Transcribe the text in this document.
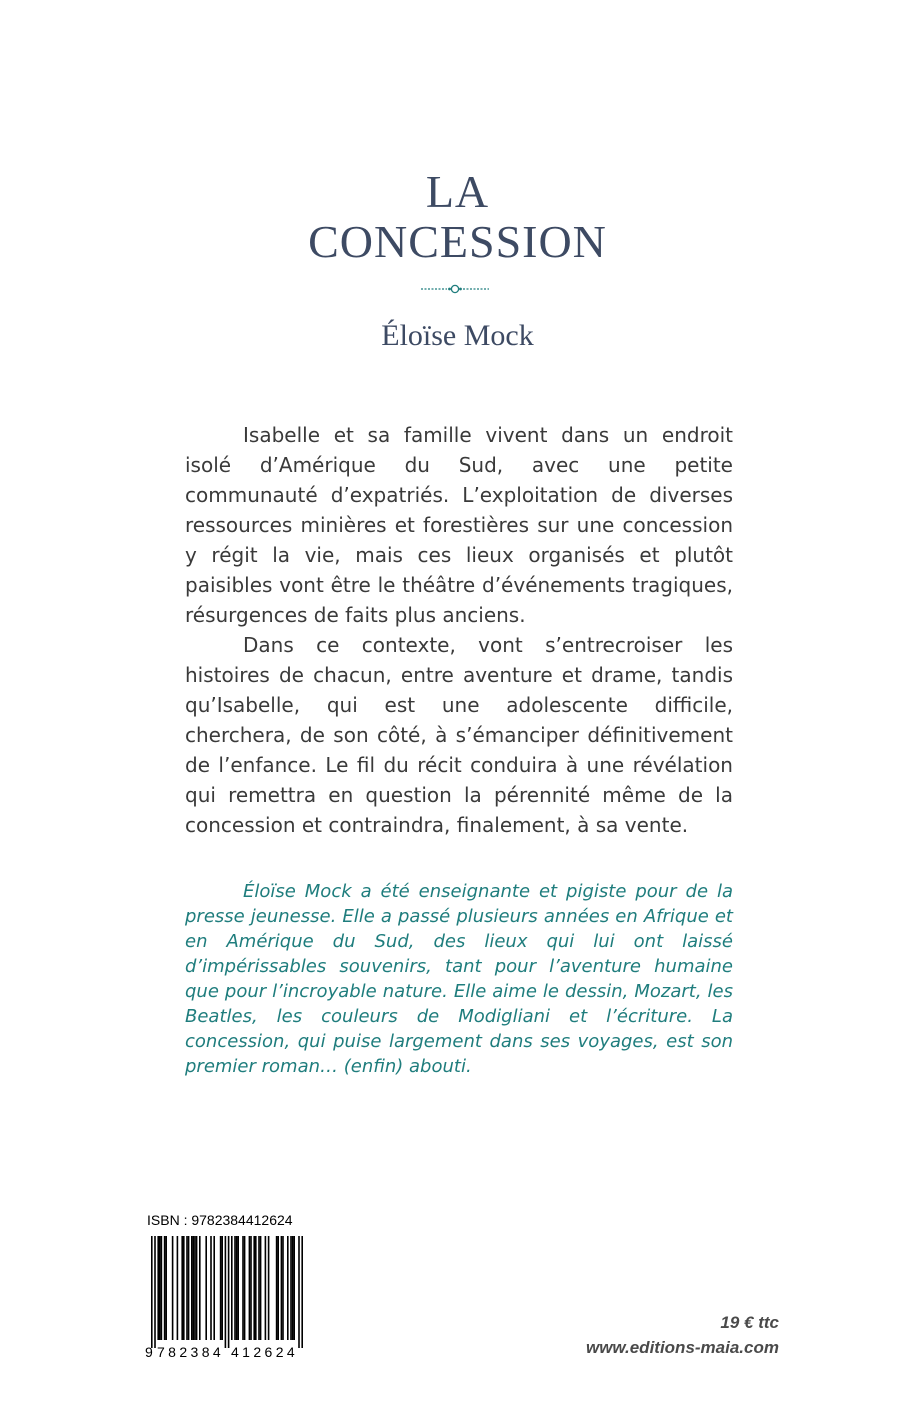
LA
CONCESSION
Éloïse Mock

Isabelle et sa famille vivent dans un endroit isolé d’Amérique du Sud, avec une petite communauté d’expatriés. L’exploitation de diverses ressources minières et forestières sur une concession y régit la vie, mais ces lieux organisés et plutôt paisibles vont être le théâtre d’événements tragiques, résurgences de faits plus anciens.

Dans ce contexte, vont s’entrecroiser les histoires de chacun, entre aventure et drame, tandis qu’Isabelle, qui est une adolescente difficile, cherchera, de son côté, à s’émanciper définitivement de l’enfance. Le fil du récit conduira à une révélation qui remettra en question la pérennité même de la concession et contraindra, finalement, à sa vente.

Éloïse Mock a été enseignante et pigiste pour de la presse jeunesse. Elle a passé plusieurs années en Afrique et en Amérique du Sud, des lieux qui lui ont laissé d’impérissables souvenirs, tant pour l’aventure humaine que pour l’incroyable nature. Elle aime le dessin, Mozart, les Beatles, les couleurs de Modigliani et l’écriture. La concession, qui puise largement dans ses voyages, est son premier roman… (enfin) abouti.

ISBN : 9782384412624
9 782384 412624
19 € ttc
www.editions-maia.com
